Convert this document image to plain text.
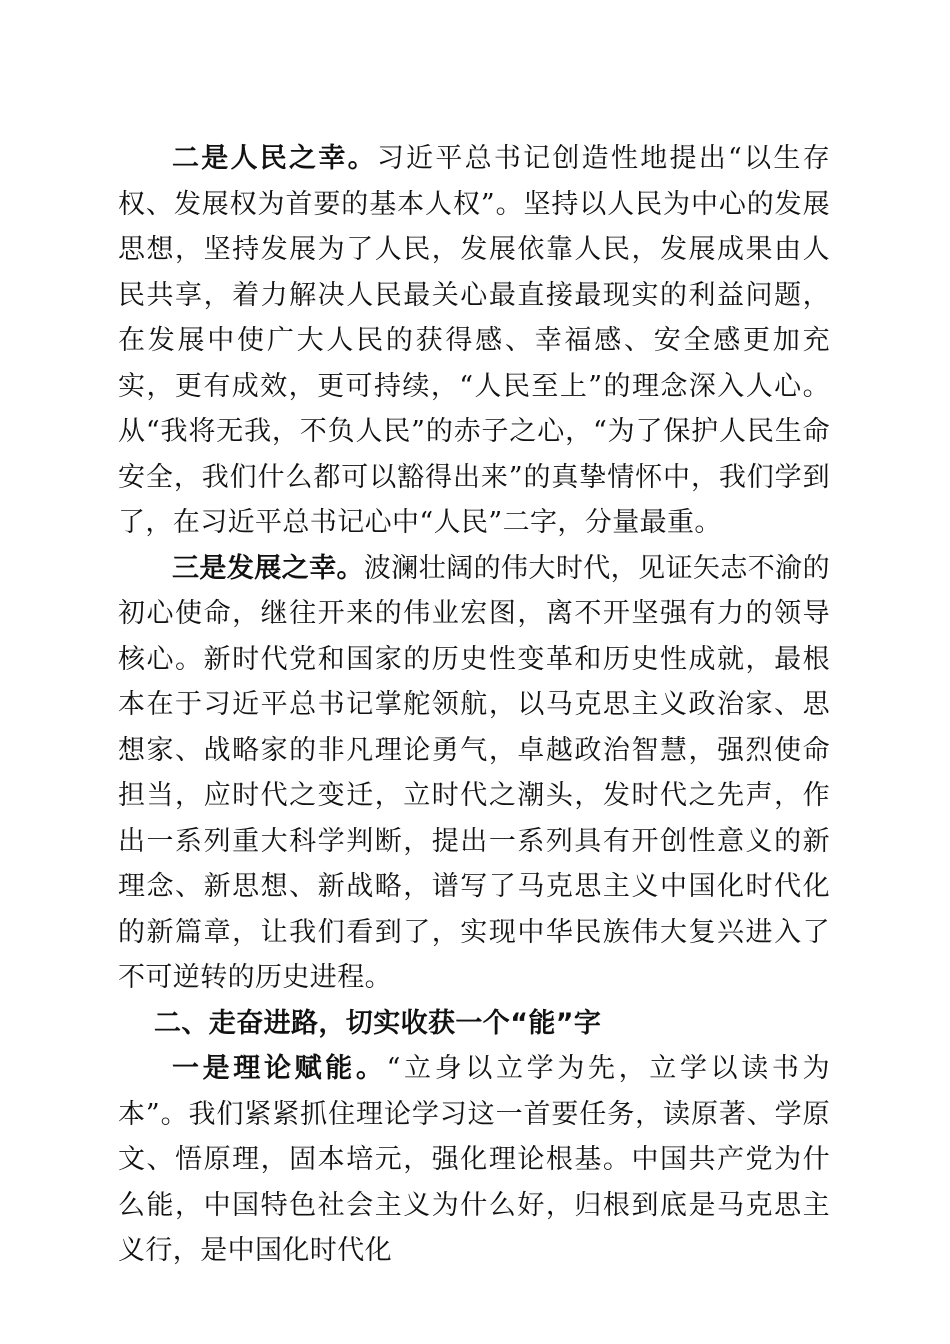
二是人民之幸。习近平总书记创造性地提出“以生存权、发展权为首要的基本人权”。坚持以人民为中心的发展思想，坚持发展为了人民，发展依靠人民，发展成果由人民共享，着力解决人民最关心最直接最现实的利益问题，在发展中使广大人民的获得感、幸福感、安全感更加充实，更有成效，更可持续，“人民至上”的理念深入人心。从“我将无我，不负人民”的赤子之心，“为了保护人民生命安全，我们什么都可以豁得出来”的真挚情怀中，我们学到了，在习近平总书记心中“人民”二字，分量最重。

三是发展之幸。波澜壮阔的伟大时代，见证矢志不渝的初心使命，继往开来的伟业宏图，离不开坚强有力的领导核心。新时代党和国家的历史性变革和历史性成就，最根本在于习近平总书记掌舵领航，以马克思主义政治家、思想家、战略家的非凡理论勇气，卓越政治智慧，强烈使命担当，应时代之变迁，立时代之潮头，发时代之先声，作出一系列重大科学判断，提出一系列具有开创性意义的新理念、新思想、新战略，谱写了马克思主义中国化时代化的新篇章，让我们看到了，实现中华民族伟大复兴进入了不可逆转的历史进程。

二、走奋进路，切实收获一个“能”字

一是理论赋能。“立身以立学为先，立学以读书为本”。我们紧紧抓住理论学习这一首要任务，读原著、学原文、悟原理，固本培元，强化理论根基。中国共产党为什么能，中国特色社会主义为什么好，归根到底是马克思主义行，是中国化时代化
